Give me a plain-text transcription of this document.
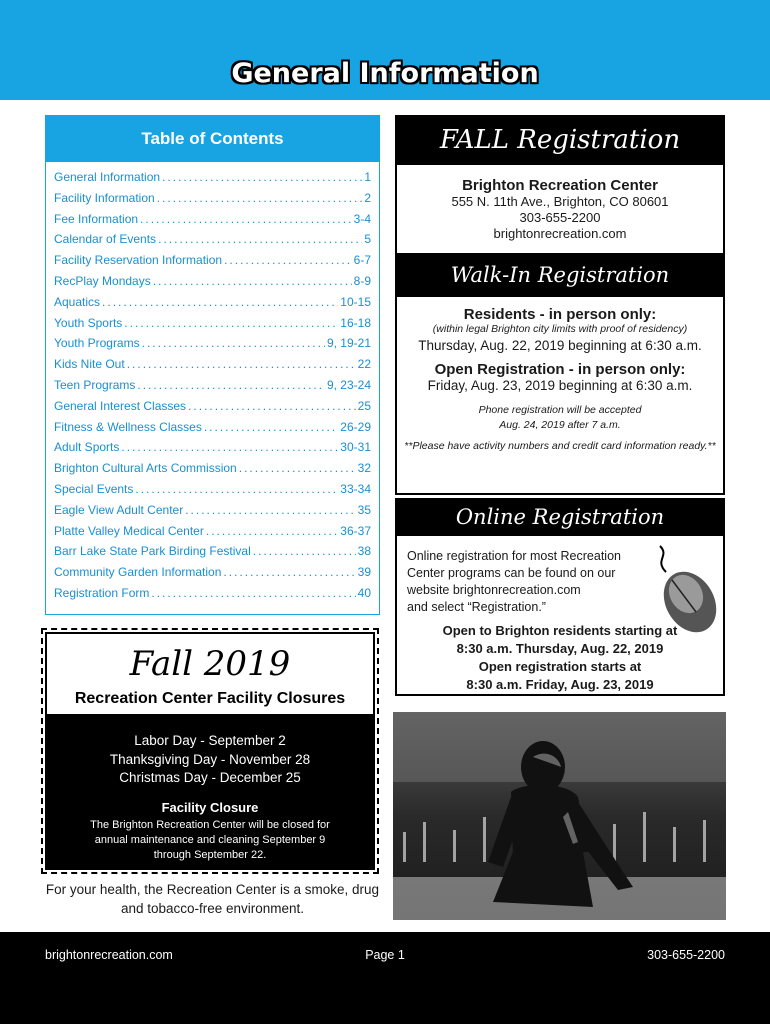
General Information
Table of Contents
General Information .....	1
Facility Information .....	2
Fee Information .....	3-4
Calendar of Events .....	5
Facility Reservation Information .....	6-7
RecPlay Mondays .....	8-9
Aquatics .....	10-15
Youth Sports .....	16-18
Youth Programs .....	9, 19-21
Kids Nite Out .....	22
Teen Programs .....	9, 23-24
General Interest Classes .....	25
Fitness & Wellness Classes .....	26-29
Adult Sports .....	30-31
Brighton Cultural Arts Commission .....	32
Special Events .....	33-34
Eagle View Adult Center .....	35
Platte Valley Medical Center .....	36-37
Barr Lake State Park Birding Festival .....	38
Community Garden Information .....	39
Registration Form .....	40
Fall 2019
Recreation Center Facility Closures
Labor Day - September 2
Thanksgiving Day - November 28
Christmas Day - December 25
Facility Closure
The Brighton Recreation Center will be closed for annual maintenance and cleaning September 9 through September 22.
For your health, the Recreation Center is a smoke, drug and tobacco-free environment.
FALL Registration
Brighton Recreation Center
555 N. 11th Ave., Brighton, CO 80601
303-655-2200
brightonrecreation.com
Walk-In Registration
Residents - in person only:
(within legal Brighton city limits with proof of residency)
Thursday, Aug. 22, 2019 beginning at 6:30 a.m.
Open Registration - in person only:
Friday, Aug. 23, 2019 beginning at 6:30 a.m.
Phone registration will be accepted
Aug. 24, 2019 after 7 a.m.
**Please have activity numbers and credit card information ready.**
Online registration for most Recreation
Center programs can be found on our
website brightonrecreation.com
and select “Registration.”
Open to Brighton residents starting at
8:30 a.m. Thursday, Aug. 22, 2019
Open registration starts at
8:30 a.m. Friday, Aug. 23, 2019
Online Registration
brightonrecreation.com	Page 1	303-655-2200
